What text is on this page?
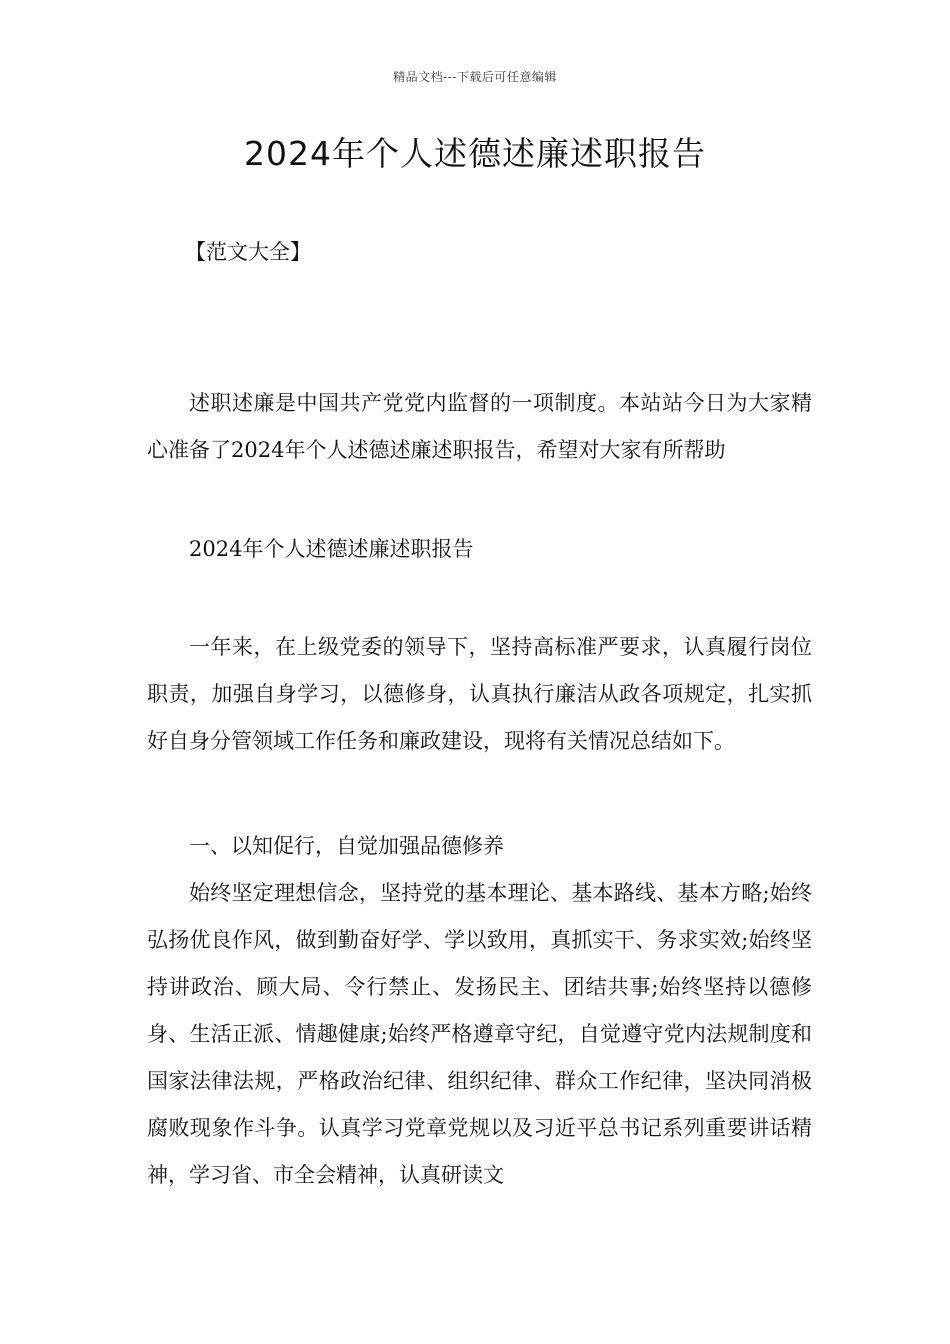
精品文档---下载后可任意编辑
2024年个人述德述廉述职报告
【范文大全】

述职述廉是中国共产党党内监督的一项制度。本站站今日为大家精心准备了2024年个人述德述廉述职报告，希望对大家有所帮助

2024年个人述德述廉述职报告

一年来，在上级党委的领导下，坚持高标准严要求，认真履行岗位职责，加强自身学习，以德修身，认真执行廉洁从政各项规定，扎实抓好自身分管领域工作任务和廉政建设，现将有关情况总结如下。

一、以知促行，自觉加强品德修养

始终坚定理想信念，坚持党的基本理论、基本路线、基本方略;始终弘扬优良作风，做到勤奋好学、学以致用，真抓实干、务求实效;始终坚持讲政治、顾大局、令行禁止、发扬民主、团结共事;始终坚持以德修身、生活正派、情趣健康;始终严格遵章守纪，自觉遵守党内法规制度和国家法律法规，严格政治纪律、组织纪律、群众工作纪律，坚决同消极腐败现象作斗争。认真学习党章党规以及习近平总书记系列重要讲话精神，学习省、市全会精神，认真研读文
